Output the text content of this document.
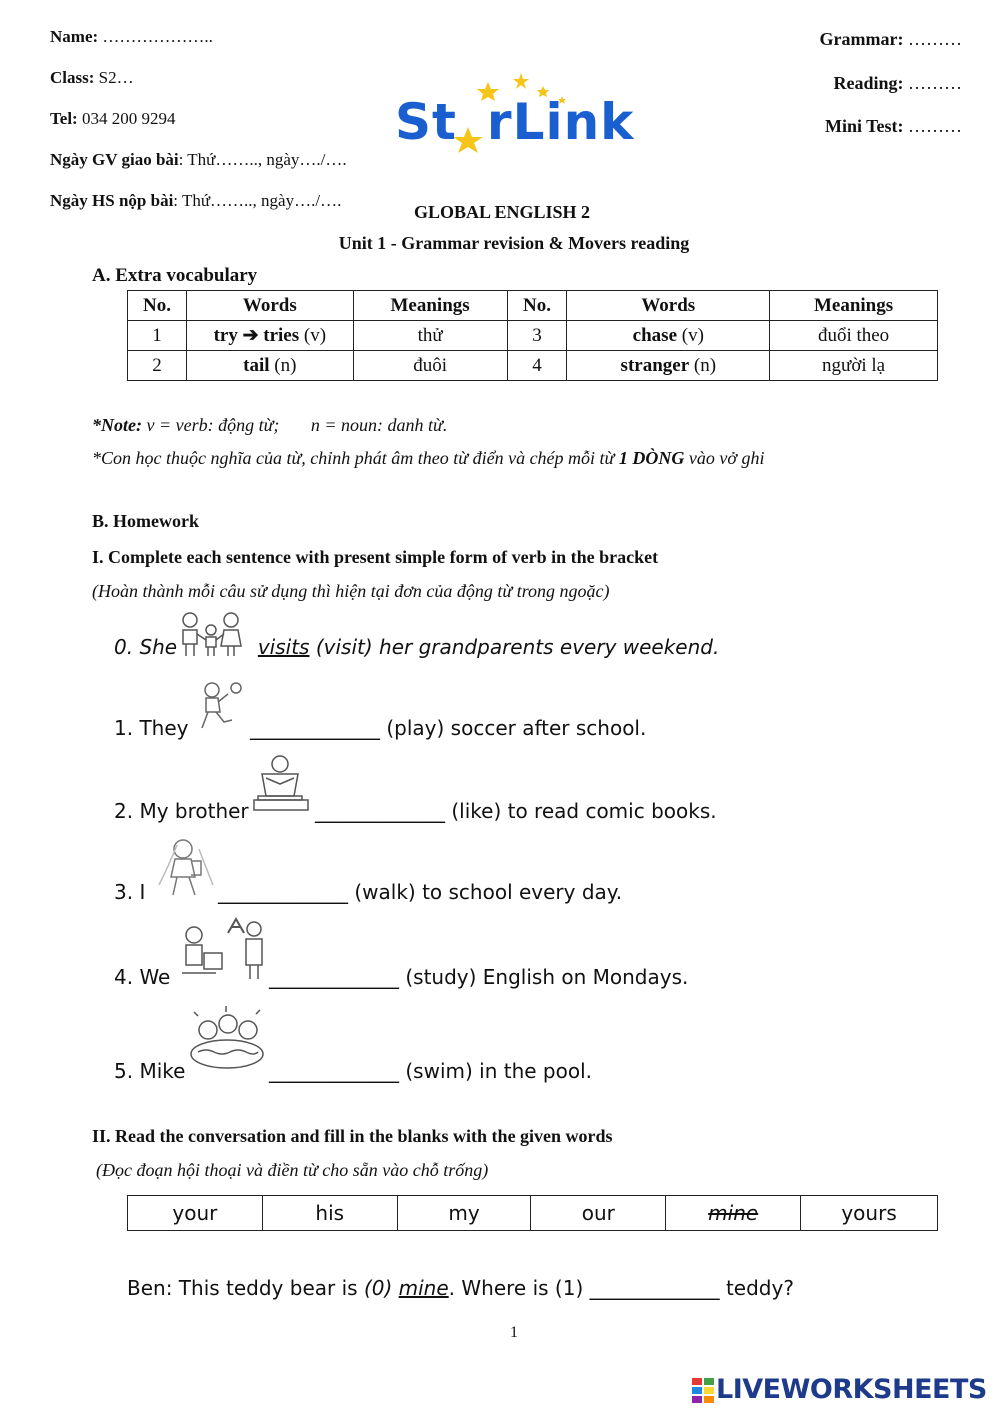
Name: ………………..
Class: S2…
Tel: 034 200 9294
Ngày GV giao bài: Thứ…….., ngày…./….
Ngày HS nộp bài: Thứ…….., ngày…./….
Grammar: ………
Reading: ………
Mini Test: ………
St rLink
GLOBAL ENGLISH 2
Unit 1 - Grammar revision & Movers reading
A. Extra vocabulary
No.	Words	Meanings	No.	Words	Meanings
1	try ➔ tries (v)	thử	3	chase (v)	đuổi theo
2	tail (n)	đuôi	4	stranger (n)	người lạ
*Note: v = verb: động từ;       n = noun: danh từ.
*Con học thuộc nghĩa của từ, chỉnh phát âm theo từ điển và chép mỗi từ 1 DÒNG vào vở ghi
B. Homework
I. Complete each sentence with present simple form of verb in the bracket
(Hoàn thành mỗi câu sử dụng thì hiện tại đơn của động từ trong ngoặc)
0. She	visits (visit) her grandparents every weekend.
1. They	_____________ (play) soccer after school.
2. My brother	_____________ (like) to read comic books.
3. I	_____________ (walk) to school every day.
4. We	_____________ (study) English on Mondays.
5. Mike	_____________ (swim) in the pool.
II. Read the conversation and fill in the blanks with the given words
(Đọc đoạn hội thoại và điền từ cho sẵn vào chỗ trống)
your	his	my	our	mine	yours
Ben: This teddy bear is (0) mine. Where is (1) _____________ teddy?
1
LIVEWORKSHEETS
